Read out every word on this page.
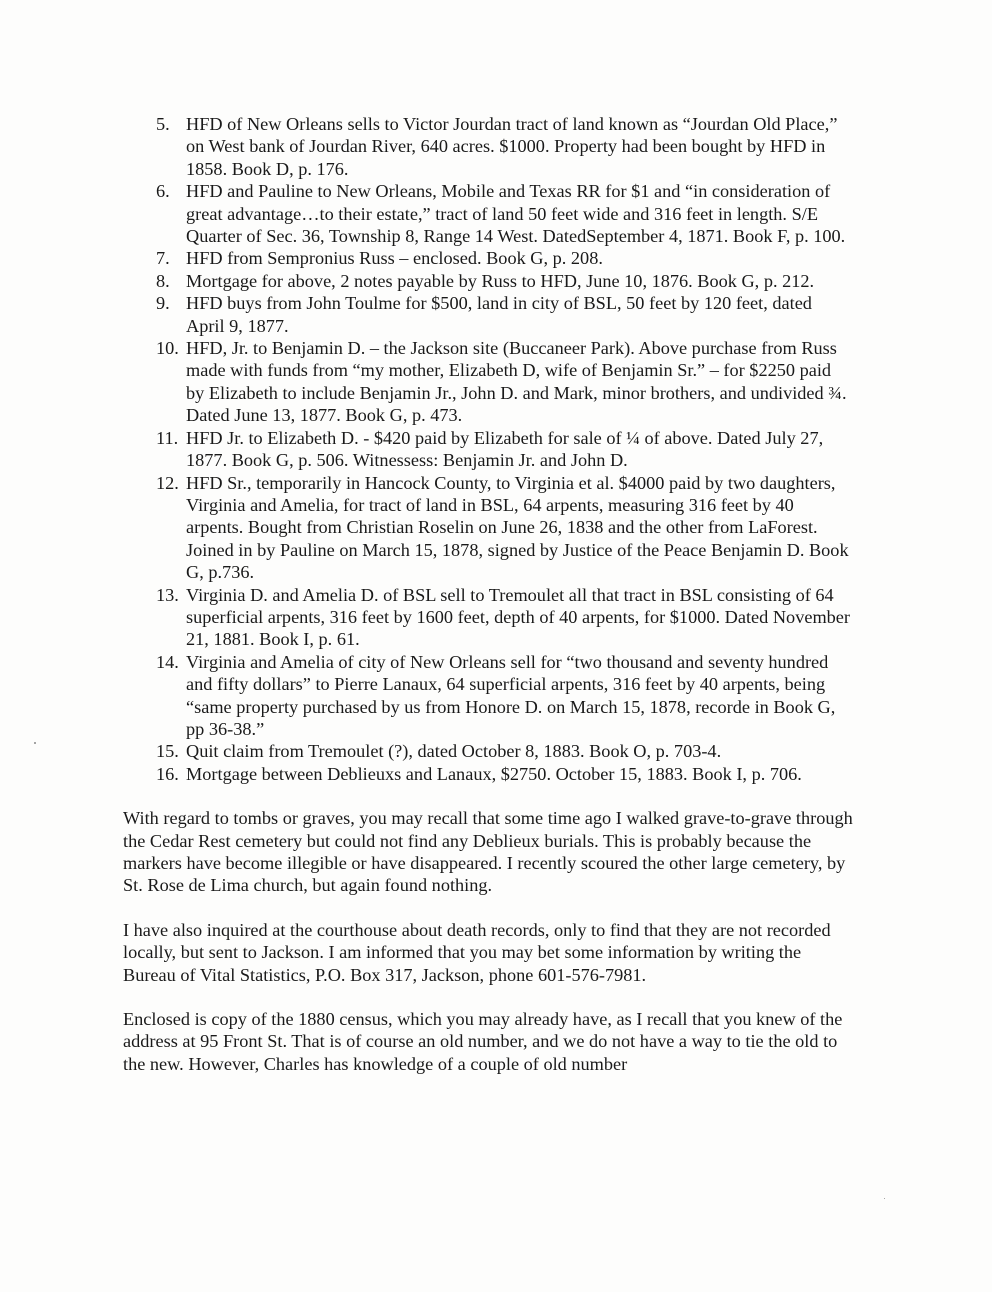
5. HFD of New Orleans sells to Victor Jourdan tract of land known as “Jourdan Old Place,” on West bank of Jourdan River, 640 acres. $1000. Property had been bought by HFD in 1858. Book D, p. 176.
6. HFD and Pauline to New Orleans, Mobile and Texas RR for $1 and “in consideration of great advantage…to their estate,” tract of land 50 feet wide and 316 feet in length. S/E Quarter of Sec. 36, Township 8, Range 14 West. DatedSeptember 4, 1871. Book F, p. 100.
7. HFD from Sempronius Russ – enclosed. Book G, p. 208.
8. Mortgage for above, 2 notes payable by Russ to HFD, June 10, 1876. Book G, p. 212.
9. HFD buys from John Toulme for $500, land in city of BSL, 50 feet by 120 feet, dated April 9, 1877.
10. HFD, Jr. to Benjamin D. – the Jackson site (Buccaneer Park). Above purchase from Russ made with funds from “my mother, Elizabeth D, wife of Benjamin Sr.” – for $2250 paid by Elizabeth to include Benjamin Jr., John D. and Mark, minor brothers, and undivided ¾. Dated June 13, 1877. Book G, p. 473.
11. HFD Jr. to Elizabeth D. - $420 paid by Elizabeth for sale of ¼ of above. Dated July 27, 1877. Book G, p. 506. Witnessess: Benjamin Jr. and John D.
12. HFD Sr., temporarily in Hancock County, to Virginia et al. $4000 paid by two daughters, Virginia and Amelia, for tract of land in BSL, 64 arpents, measuring 316 feet by 40 arpents. Bought from Christian Roselin on June 26, 1838 and the other from LaForest. Joined in by Pauline on March 15, 1878, signed by Justice of the Peace Benjamin D. Book G, p.736.
13. Virginia D. and Amelia D. of BSL sell to Tremoulet all that tract in BSL consisting of 64 superficial arpents, 316 feet by 1600 feet, depth of 40 arpents, for $1000. Dated November 21, 1881. Book I, p. 61.
14. Virginia and Amelia of city of New Orleans sell for “two thousand and seventy hundred and fifty dollars” to Pierre Lanaux, 64 superficial arpents, 316 feet by 40 arpents, being “same property purchased by us from Honore D. on March 15, 1878, recorde in Book G, pp 36-38.”
15. Quit claim from Tremoulet (?), dated October 8, 1883. Book O, p. 703-4.
16. Mortgage between Deblieuxs and Lanaux, $2750. October 15, 1883. Book I, p. 706.

With regard to tombs or graves, you may recall that some time ago I walked grave-to-grave through the Cedar Rest cemetery but could not find any Deblieux burials. This is probably because the markers have become illegible or have disappeared. I recently scoured the other large cemetery, by St. Rose de Lima church, but again found nothing.

I have also inquired at the courthouse about death records, only to find that they are not recorded locally, but sent to Jackson. I am informed that you may bet some information by writing the Bureau of Vital Statistics, P.O. Box 317, Jackson, phone 601-576-7981.

Enclosed is copy of the 1880 census, which you may already have, as I recall that you knew of the address at 95 Front St. That is of course an old number, and we do not have a way to tie the old to the new. However, Charles has knowledge of a couple of old number
